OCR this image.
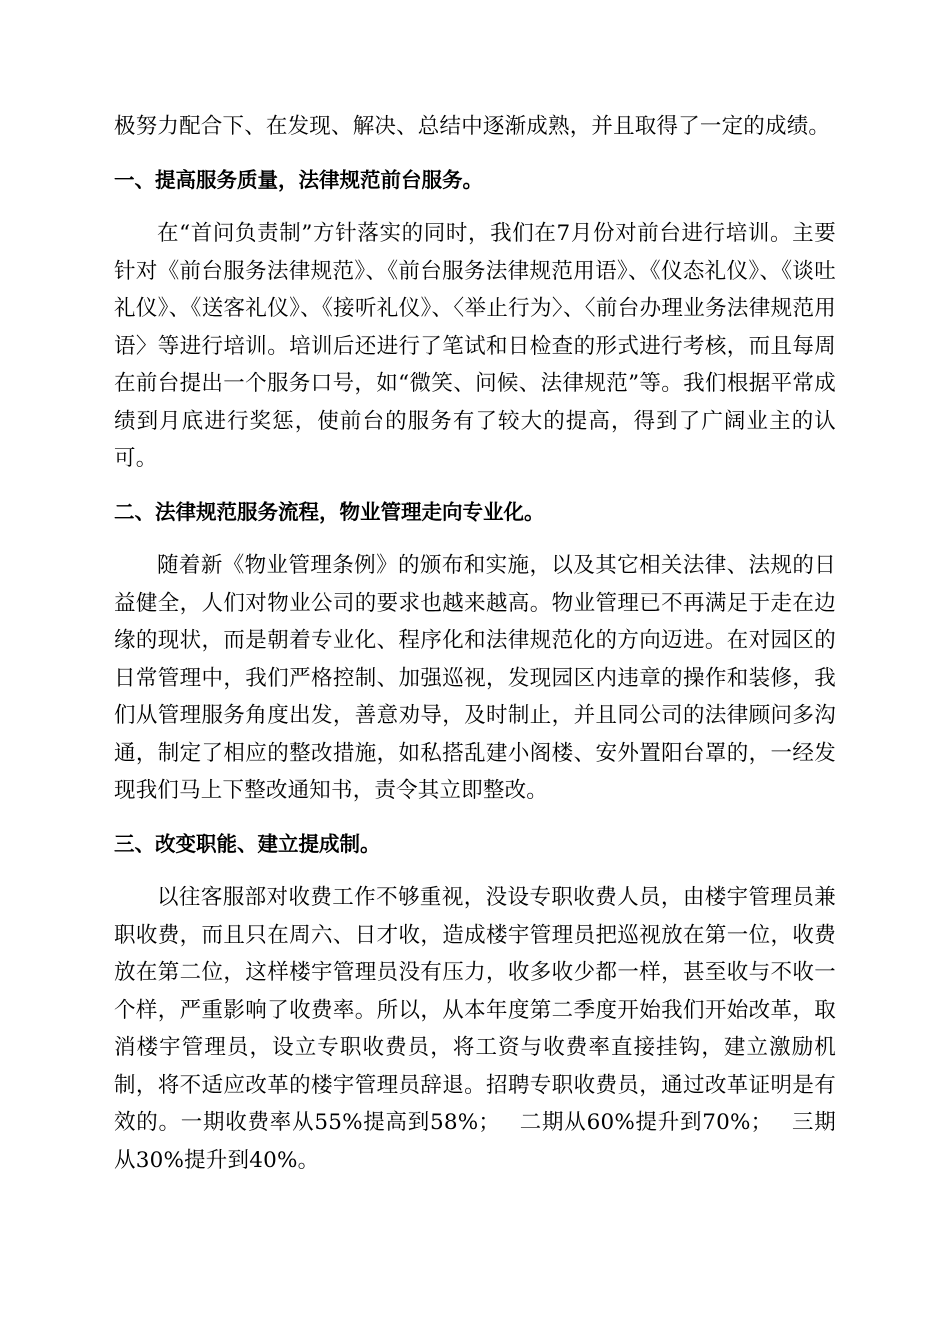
极努力配合下、在发现、解决、总结中逐渐成熟，并且取得了一定的成绩。

一、提高服务质量，法律规范前台服务。

在“首问负责制”方针落实的同时，我们在7月份对前台进行培训。主要针对《前台服务法律规范》、《前台服务法律规范用语》、《仪态礼仪》、《谈吐礼仪》、《送客礼仪》、《接听礼仪》、〈举止行为〉、〈前台办理业务法律规范用语〉等进行培训。培训后还进行了笔试和日检查的形式进行考核，而且每周在前台提出一个服务口号，如“微笑、问候、法律规范”等。我们根据平常成绩到月底进行奖惩，使前台的服务有了较大的提高，得到了广阔业主的认可。

二、法律规范服务流程，物业管理走向专业化。

随着新《物业管理条例》的颁布和实施，以及其它相关法律、法规的日益健全，人们对物业公司的要求也越来越高。物业管理已不再满足于走在边缘的现状，而是朝着专业化、程序化和法律规范化的方向迈进。在对园区的日常管理中，我们严格控制、加强巡视，发现园区内违章的操作和装修，我们从管理服务角度出发，善意劝导，及时制止，并且同公司的法律顾问多沟通，制定了相应的整改措施，如私搭乱建小阁楼、安外置阳台罩的，一经发现我们马上下整改通知书，责令其立即整改。

三、改变职能、建立提成制。

以往客服部对收费工作不够重视，没设专职收费人员，由楼宇管理员兼职收费，而且只在周六、日才收，造成楼宇管理员把巡视放在第一位，收费放在第二位，这样楼宇管理员没有压力，收多收少都一样，甚至收与不收一个样，严重影响了收费率。所以，从本年度第二季度开始我们开始改革，取消楼宇管理员，设立专职收费员，将工资与收费率直接挂钩，建立激励机制，将不适应改革的楼宇管理员辞退。招聘专职收费员，通过改革证明是有效的。一期收费率从55%提高到58%；　 二期从60%提升到70%；　 三期从30%提升到40%。
